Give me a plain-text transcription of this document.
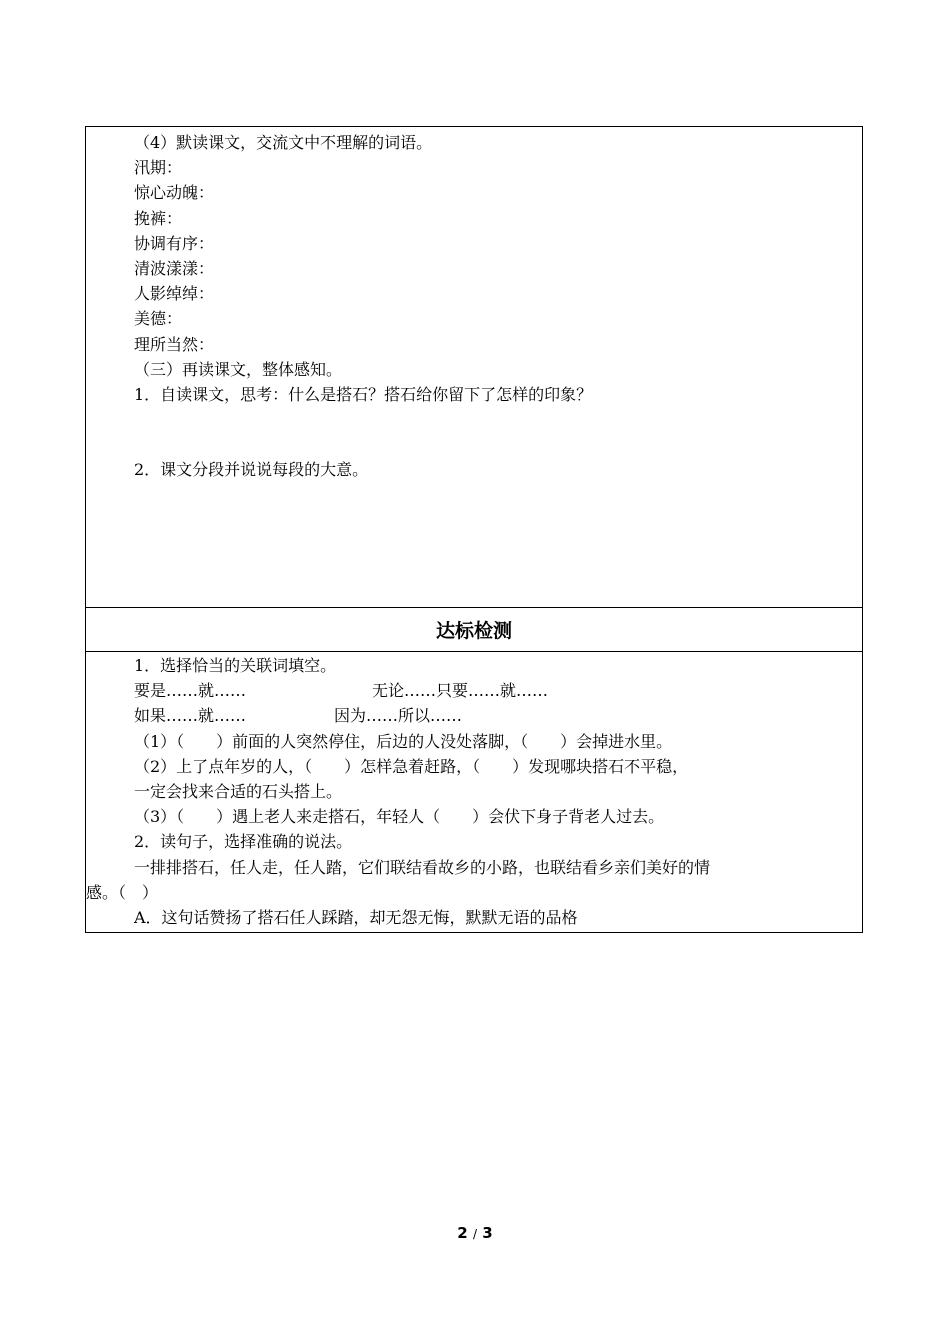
（4）默读课文，交流文中不理解的词语。
汛期：
惊心动魄：
挽裤：
协调有序：
清波漾漾：
人影绰绰：
美德：
理所当然：
（三）再读课文，整体感知。
1．自读课文，思考：什么是搭石？搭石给你留下了怎样的印象？
2．课文分段并说说每段的大意。
达标检测
1．选择恰当的关联词填空。
要是……就……	无论……只要……就……
如果……就……	因为……所以……
（1）（　　）前面的人突然停住，后边的人没处落脚，（　　）会掉进水里。
（2）上了点年岁的人，（　　）怎样急着赶路，（　　）发现哪块搭石不平稳，
一定会找来合适的石头搭上。
（3）（　　）遇上老人来走搭石，年轻人（　　）会伏下身子背老人过去。
2．读句子，选择准确的说法。
一排排搭石，任人走，任人踏，它们联结看故乡的小路，也联结看乡亲们美好的情
感。（　）
A．这句话赞扬了搭石任人踩踏，却无怨无悔，默默无语的品格
2 / 3
